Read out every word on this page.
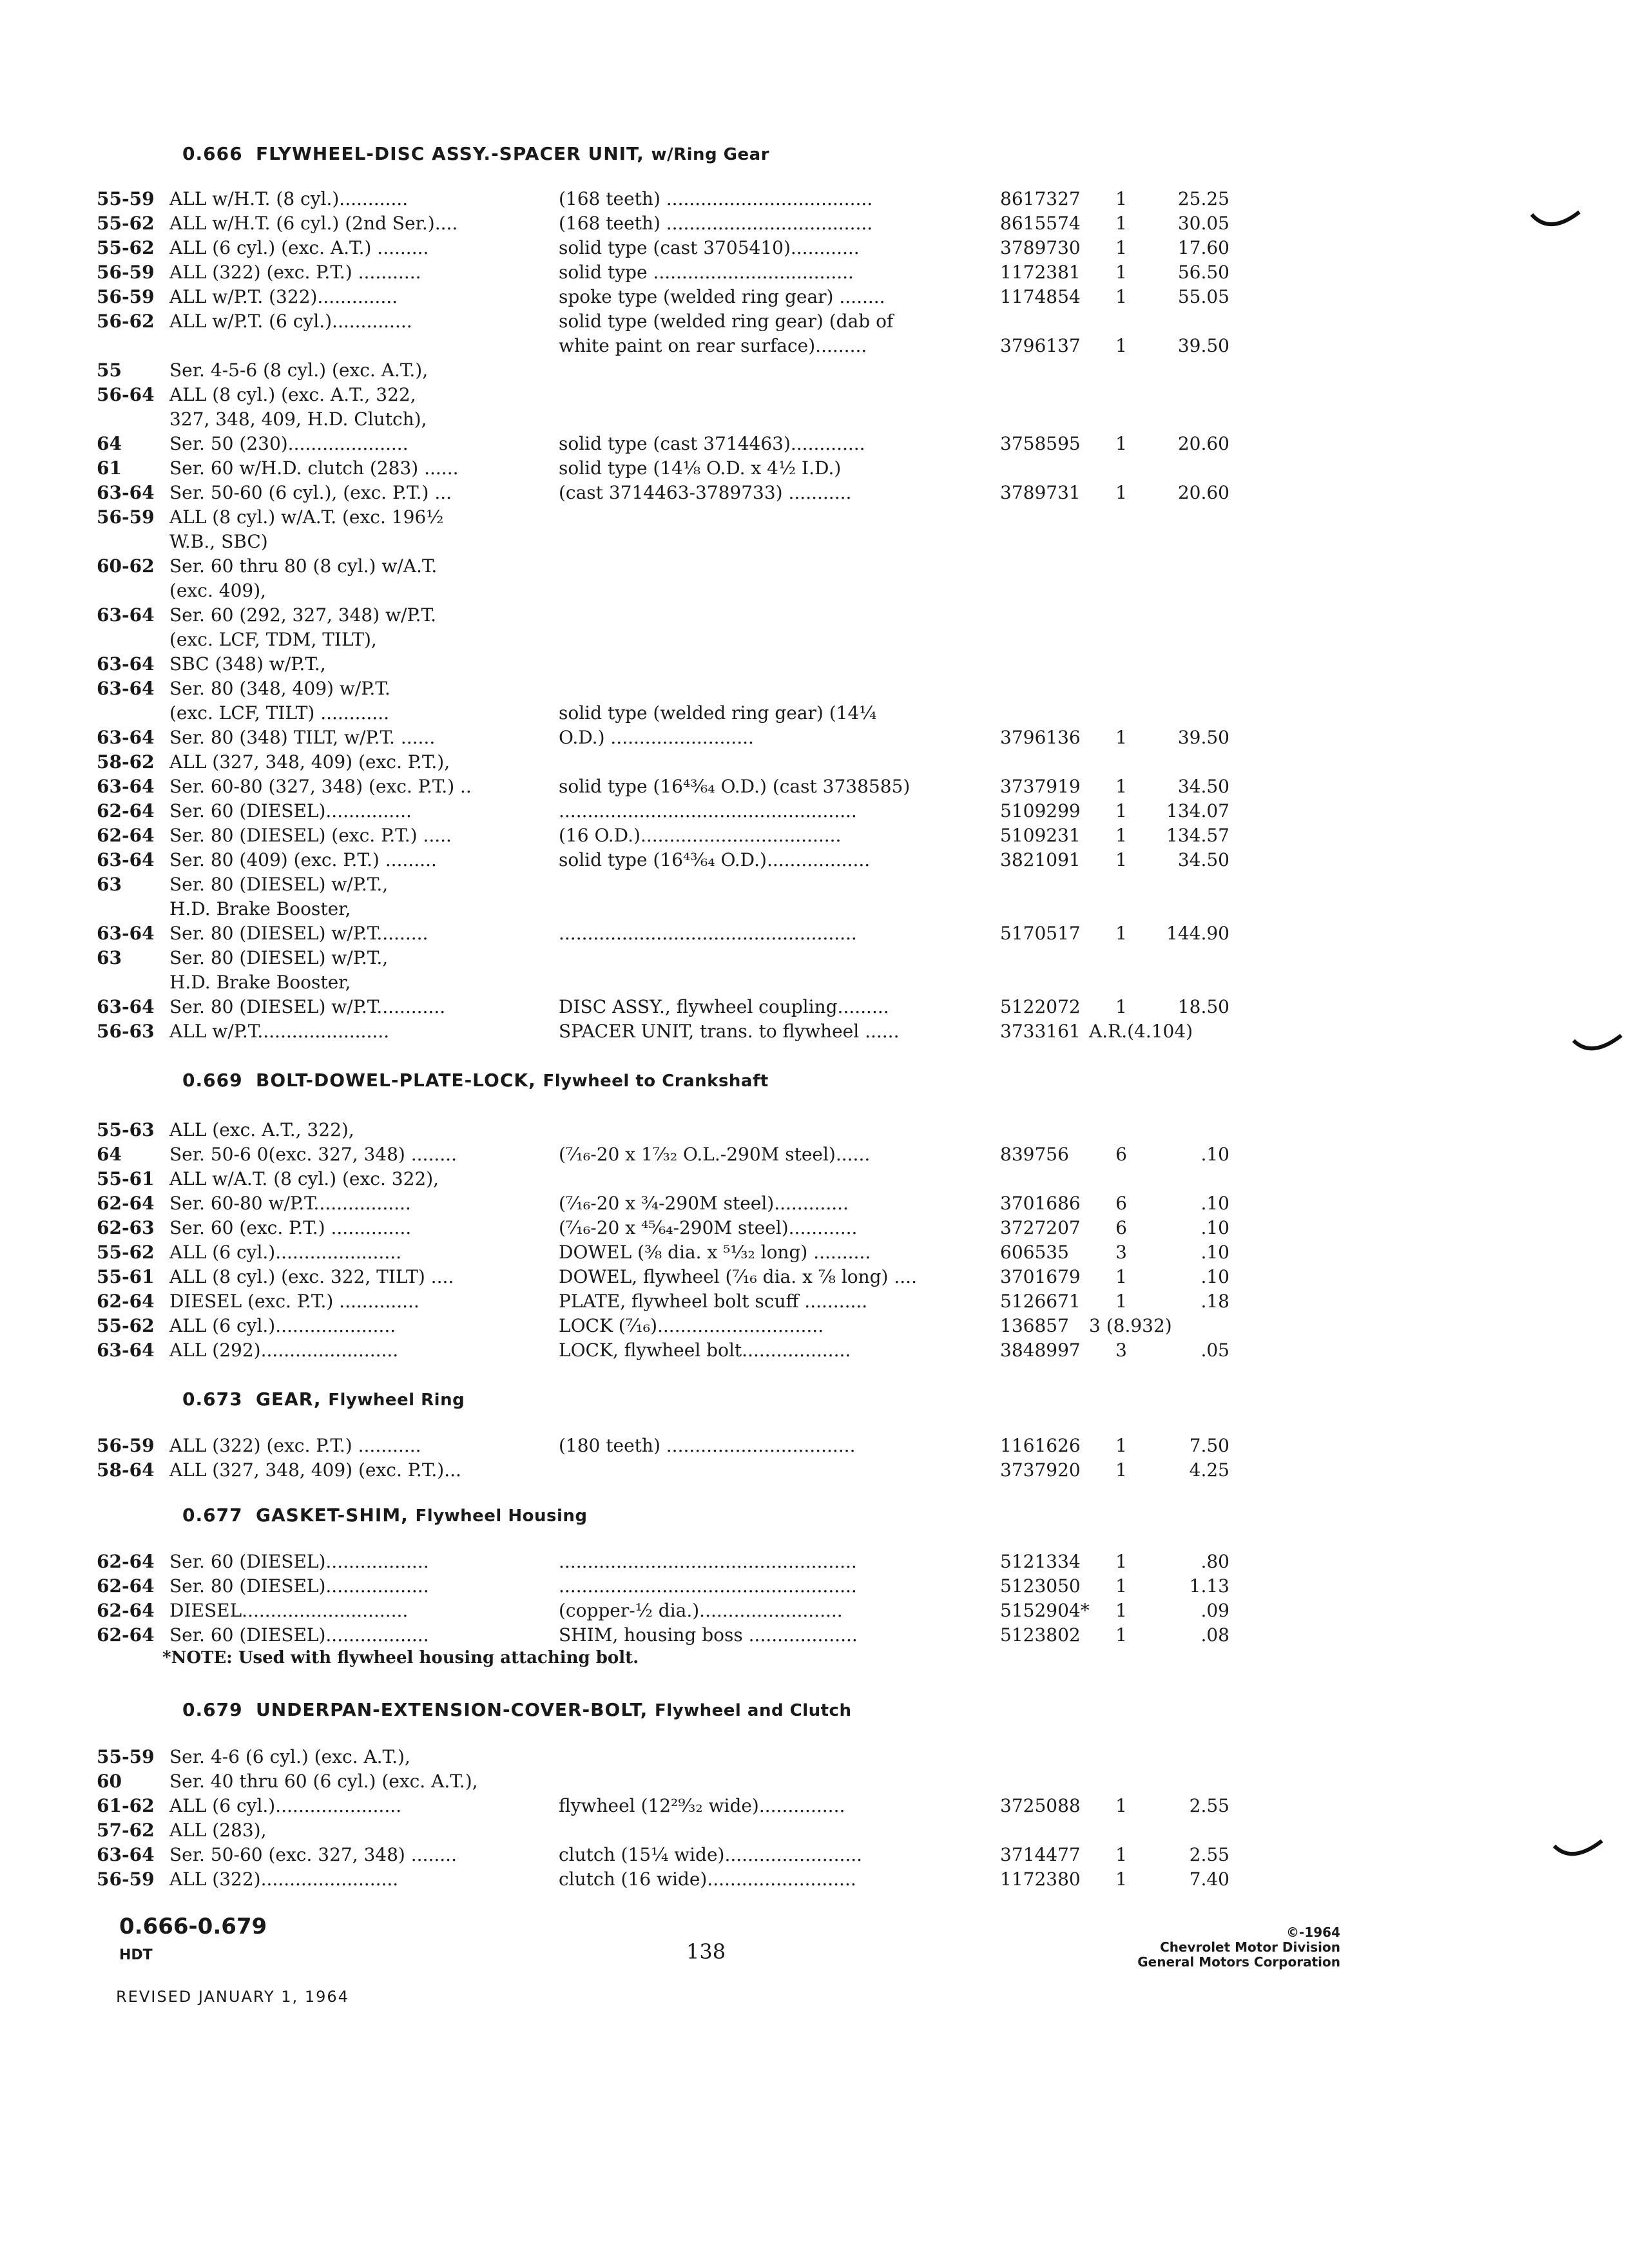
0.666 FLYWHEEL-DISC ASSY.-SPACER UNIT, w/Ring Gear
55-59 ALL w/H.T. (8 cyl.)............	(168 teeth) ....................................	8617327	1	25.25
55-62 ALL w/H.T. (6 cyl.) (2nd Ser.)....	(168 teeth) ....................................	8615574	1	30.05
55-62 ALL (6 cyl.) (exc. A.T.) .........	solid type (cast 3705410)............	3789730	1	17.60
56-59 ALL (322) (exc. P.T.) ...........	solid type ...................................	1172381	1	56.50
56-59 ALL w/P.T. (322)..............	spoke type (welded ring gear) ........	1174854	1	55.05
56-62 ALL w/P.T. (6 cyl.)..............	solid type (welded ring gear) (dab of
white paint on rear surface).........	3796137	1	39.50
55	Ser. 4-5-6 (8 cyl.) (exc. A.T.),
56-64 ALL (8 cyl.) (exc. A.T., 322,
327, 348, 409, H.D. Clutch),
64	Ser. 50 (230).....................	solid type (cast 3714463).............	3758595	1	20.60
61	Ser. 60 w/H.D. clutch (283) ......	solid type (14⅛ O.D. x 4½ I.D.)
63-64 Ser. 50-60 (6 cyl.), (exc. P.T.) ...	(cast 3714463-3789733) ...........	3789731	1	20.60
56-59 ALL (8 cyl.) w/A.T. (exc. 196½
W.B., SBC)
60-62 Ser. 60 thru 80 (8 cyl.) w/A.T.
(exc. 409),
63-64 Ser. 60 (292, 327, 348) w/P.T.
(exc. LCF, TDM, TILT),
63-64 SBC (348) w/P.T.,
63-64 Ser. 80 (348, 409) w/P.T.
(exc. LCF, TILT) ............	solid type (welded ring gear) (14¼
63-64 Ser. 80 (348) TILT, w/P.T. ......	O.D.) .........................	3796136	1	39.50
58-62 ALL (327, 348, 409) (exc. P.T.),
63-64 Ser. 60-80 (327, 348) (exc. P.T.) ..	solid type (16⁴³⁄₆₄ O.D.) (cast 3738585)	3737919	1	34.50
62-64 Ser. 60 (DIESEL)...............	....................................................	5109299	1	134.07
62-64 Ser. 80 (DIESEL) (exc. P.T.) .....	(16 O.D.)...................................	5109231	1	134.57
63-64 Ser. 80 (409) (exc. P.T.) .........	solid type (16⁴³⁄₆₄ O.D.)..................	3821091	1	34.50
63	Ser. 80 (DIESEL) w/P.T.,
H.D. Brake Booster,
63-64 Ser. 80 (DIESEL) w/P.T.........	....................................................	5170517	1	144.90
63	Ser. 80 (DIESEL) w/P.T.,
H.D. Brake Booster,
63-64 Ser. 80 (DIESEL) w/P.T............	DISC ASSY., flywheel coupling.........	5122072	1	18.50
56-63 ALL w/P.T.......................	SPACER UNIT, trans. to flywheel ......	3733161 A.R.(4.104)
0.669 BOLT-DOWEL-PLATE-LOCK, Flywheel to Crankshaft
55-63 ALL (exc. A.T., 322),
64	Ser. 50-6 0(exc. 327, 348) ........	(⁷⁄₁₆-20 x 1⁷⁄₃₂ O.L.-290M steel)......	839756	6	.10
55-61 ALL w/A.T. (8 cyl.) (exc. 322),
62-64 Ser. 60-80 w/P.T.................	(⁷⁄₁₆-20 x ¾-290M steel).............	3701686	6	.10
62-63 Ser. 60 (exc. P.T.) ..............	(⁷⁄₁₆-20 x ⁴⁵⁄₆₄-290M steel)............	3727207	6	.10
55-62 ALL (6 cyl.)......................	DOWEL (⅜ dia. x ⁵¹⁄₃₂ long) ..........	606535	3	.10
55-61 ALL (8 cyl.) (exc. 322, TILT) ....	DOWEL, flywheel (⁷⁄₁₆ dia. x ⅞ long) ....	3701679	1	.10
62-64 DIESEL (exc. P.T.) ..............	PLATE, flywheel bolt scuff ...........	5126671	1	.18
55-62 ALL (6 cyl.).....................	LOCK (⁷⁄₁₆).............................	136857 3 (8.932)
63-64 ALL (292)........................	LOCK, flywheel bolt...................	3848997	3	.05
0.673 GEAR, Flywheel Ring
56-59 ALL (322) (exc. P.T.) ...........	(180 teeth) .................................	1161626	1	7.50
58-64 ALL (327, 348, 409) (exc. P.T.)...	3737920	1	4.25
0.677 GASKET-SHIM, Flywheel Housing
62-64 Ser. 60 (DIESEL)..................	....................................................	5121334	1	.80
62-64 Ser. 80 (DIESEL)..................	....................................................	5123050	1	1.13
62-64 DIESEL.............................	(copper-½ dia.).........................	5152904*	1	.09
62-64 Ser. 60 (DIESEL)..................	SHIM, housing boss ...................	5123802	1	.08
*NOTE: Used with flywheel housing attaching bolt.
0.679 UNDERPAN-EXTENSION-COVER-BOLT, Flywheel and Clutch
55-59 Ser. 4-6 (6 cyl.) (exc. A.T.),
60	Ser. 40 thru 60 (6 cyl.) (exc. A.T.),
61-62 ALL (6 cyl.)......................	flywheel (12²⁹⁄₃₂ wide)...............	3725088	1	2.55
57-62 ALL (283),
63-64 Ser. 50-60 (exc. 327, 348) ........	clutch (15¼ wide)........................	3714477	1	2.55
56-59 ALL (322)........................	clutch (16 wide)..........................	1172380	1	7.40
0.666-0.679
HDT	138
©-1964
Chevrolet Motor Division
General Motors Corporation
REVISED JANUARY 1, 1964
